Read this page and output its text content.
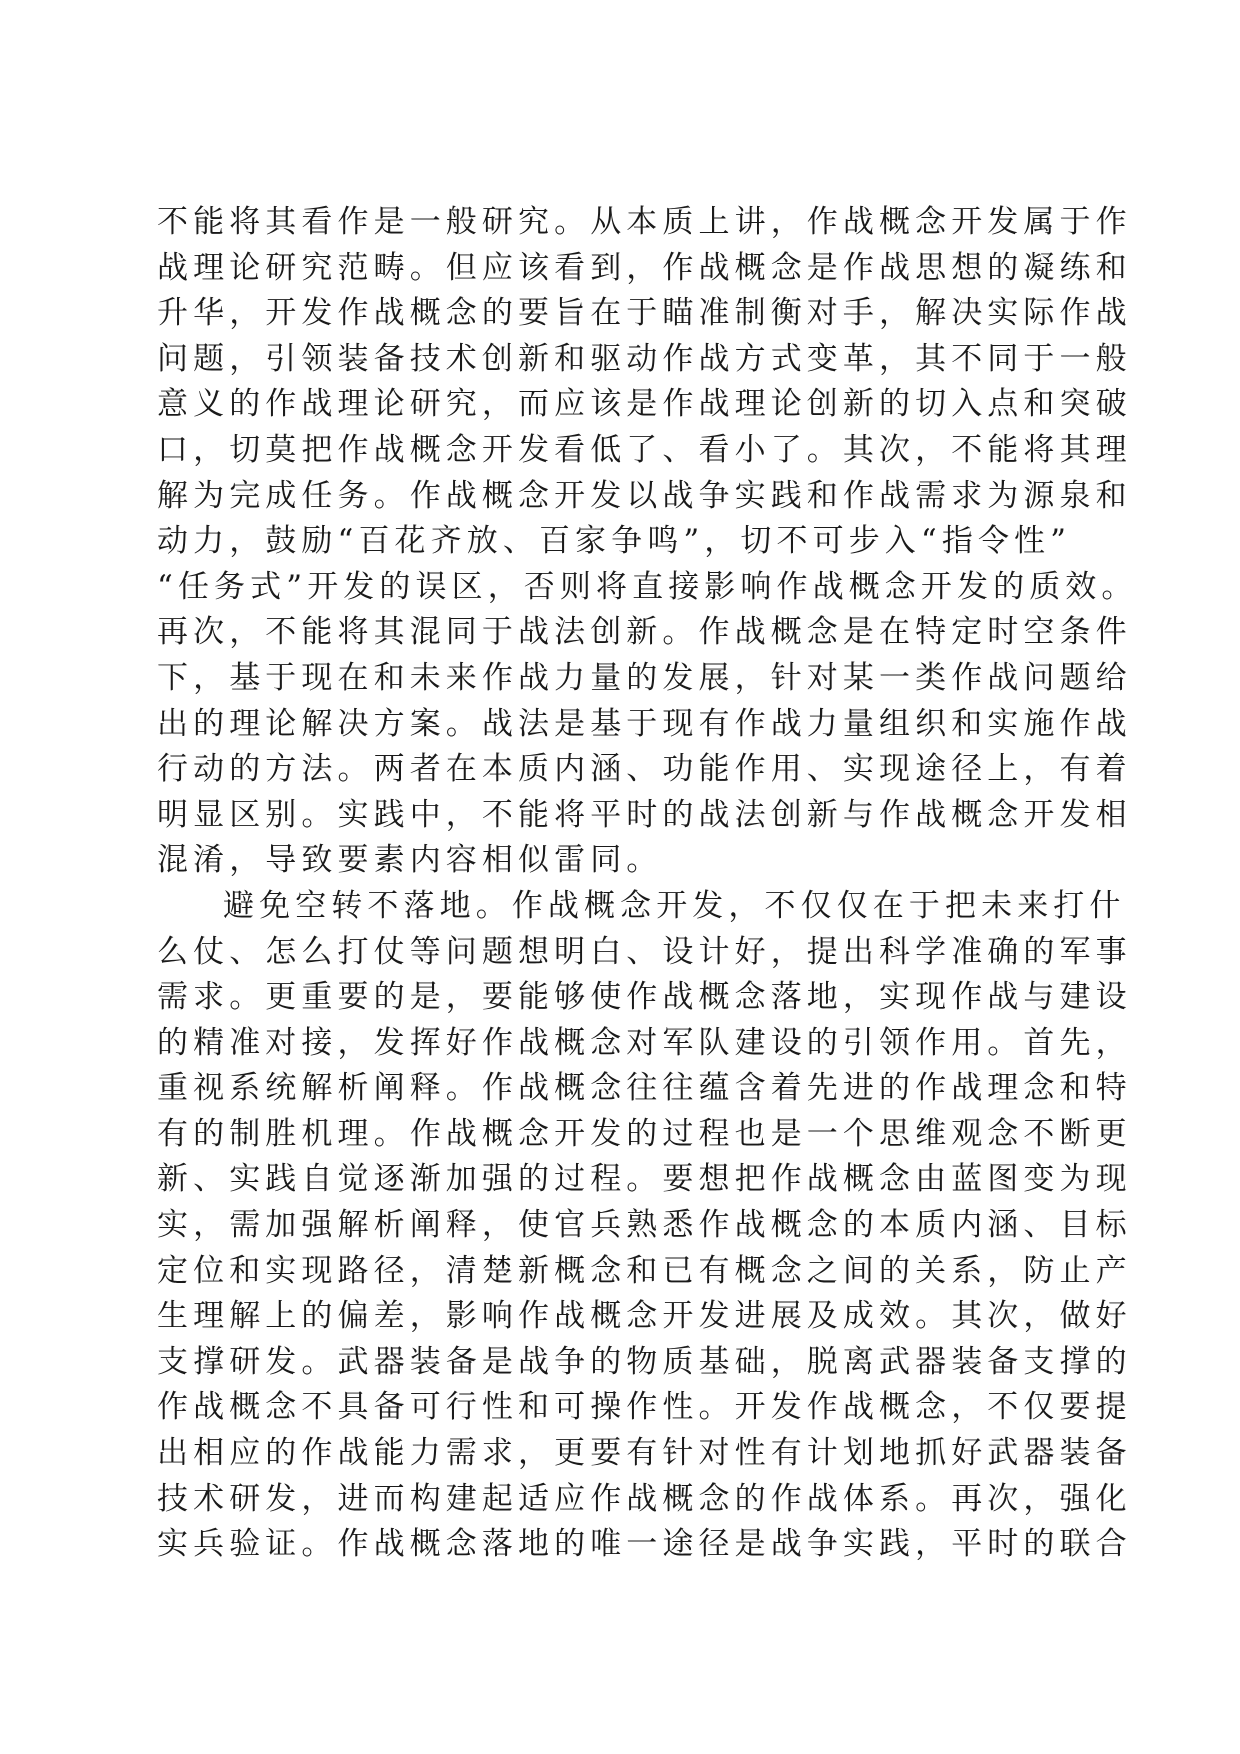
不能将其看作是一般研究。从本质上讲，作战概念开发属于作
战理论研究范畴。但应该看到，作战概念是作战思想的凝练和
升华，开发作战概念的要旨在于瞄准制衡对手，解决实际作战
问题，引领装备技术创新和驱动作战方式变革，其不同于一般
意义的作战理论研究，而应该是作战理论创新的切入点和突破
口，切莫把作战概念开发看低了、看小了。其次，不能将其理
解为完成任务。作战概念开发以战争实践和作战需求为源泉和
动力，鼓励“百花齐放、百家争鸣”，切不可步入“指令性”
“任务式”开发的误区，否则将直接影响作战概念开发的质效。
再次，不能将其混同于战法创新。作战概念是在特定时空条件
下，基于现在和未来作战力量的发展，针对某一类作战问题给
出的理论解决方案。战法是基于现有作战力量组织和实施作战
行动的方法。两者在本质内涵、功能作用、实现途径上，有着
明显区别。实践中，不能将平时的战法创新与作战概念开发相
混淆，导致要素内容相似雷同。
避免空转不落地。作战概念开发，不仅仅在于把未来打什
么仗、怎么打仗等问题想明白、设计好，提出科学准确的军事
需求。更重要的是，要能够使作战概念落地，实现作战与建设
的精准对接，发挥好作战概念对军队建设的引领作用。首先，
重视系统解析阐释。作战概念往往蕴含着先进的作战理念和特
有的制胜机理。作战概念开发的过程也是一个思维观念不断更
新、实践自觉逐渐加强的过程。要想把作战概念由蓝图变为现
实，需加强解析阐释，使官兵熟悉作战概念的本质内涵、目标
定位和实现路径，清楚新概念和已有概念之间的关系，防止产
生理解上的偏差，影响作战概念开发进展及成效。其次，做好
支撑研发。武器装备是战争的物质基础，脱离武器装备支撑的
作战概念不具备可行性和可操作性。开发作战概念，不仅要提
出相应的作战能力需求，更要有针对性有计划地抓好武器装备
技术研发，进而构建起适应作战概念的作战体系。再次，强化
实兵验证。作战概念落地的唯一途径是战争实践，平时的联合
